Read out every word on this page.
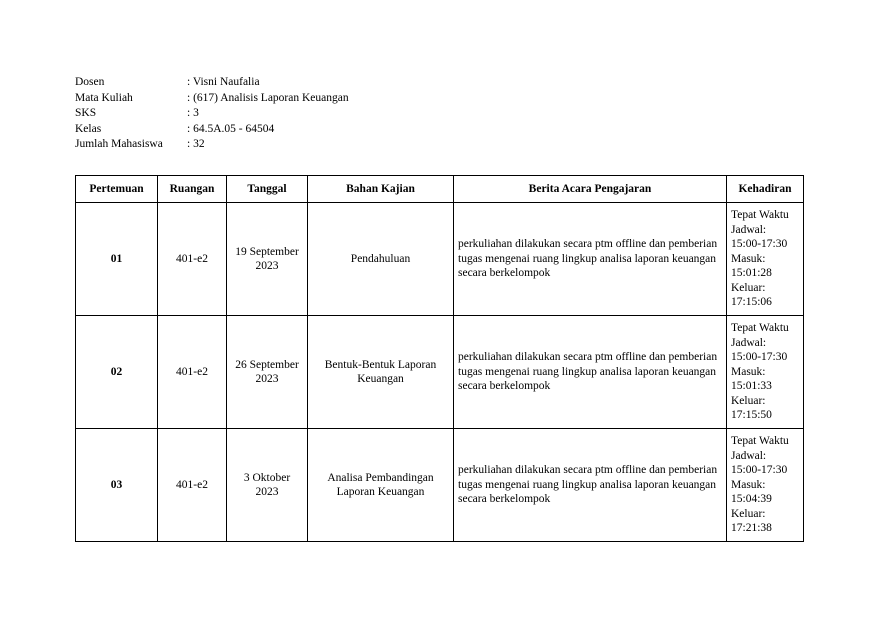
Dosen	: Visni Naufalia
Mata Kuliah	: (617) Analisis Laporan Keuangan
SKS	: 3
Kelas	: 64.5A.05 - 64504
Jumlah Mahasiswa	: 32
Pertemuan	Ruangan	Tanggal	Bahan Kajian	Berita Acara Pengajaran	Kehadiran
01	401-e2	19 September 2023	Pendahuluan	perkuliahan dilakukan secara ptm offline dan pemberian tugas mengenai ruang lingkup analisa laporan keuangan secara berkelompok	Tepat Waktu
Jadwal: 15:00-17:30
Masuk: 15:01:28
Keluar: 17:15:06

02	401-e2	26 September 2023	Bentuk-Bentuk Laporan Keuangan	perkuliahan dilakukan secara ptm offline dan pemberian tugas mengenai ruang lingkup analisa laporan keuangan secara berkelompok	Tepat Waktu
Jadwal: 15:00-17:30
Masuk: 15:01:33
Keluar: 17:15:50

03	401-e2	3 Oktober 2023	Analisa Pembandingan Laporan Keuangan	perkuliahan dilakukan secara ptm offline dan pemberian tugas mengenai ruang lingkup analisa laporan keuangan secara berkelompok	Tepat Waktu
Jadwal: 15:00-17:30
Masuk: 15:04:39
Keluar: 17:21:38
